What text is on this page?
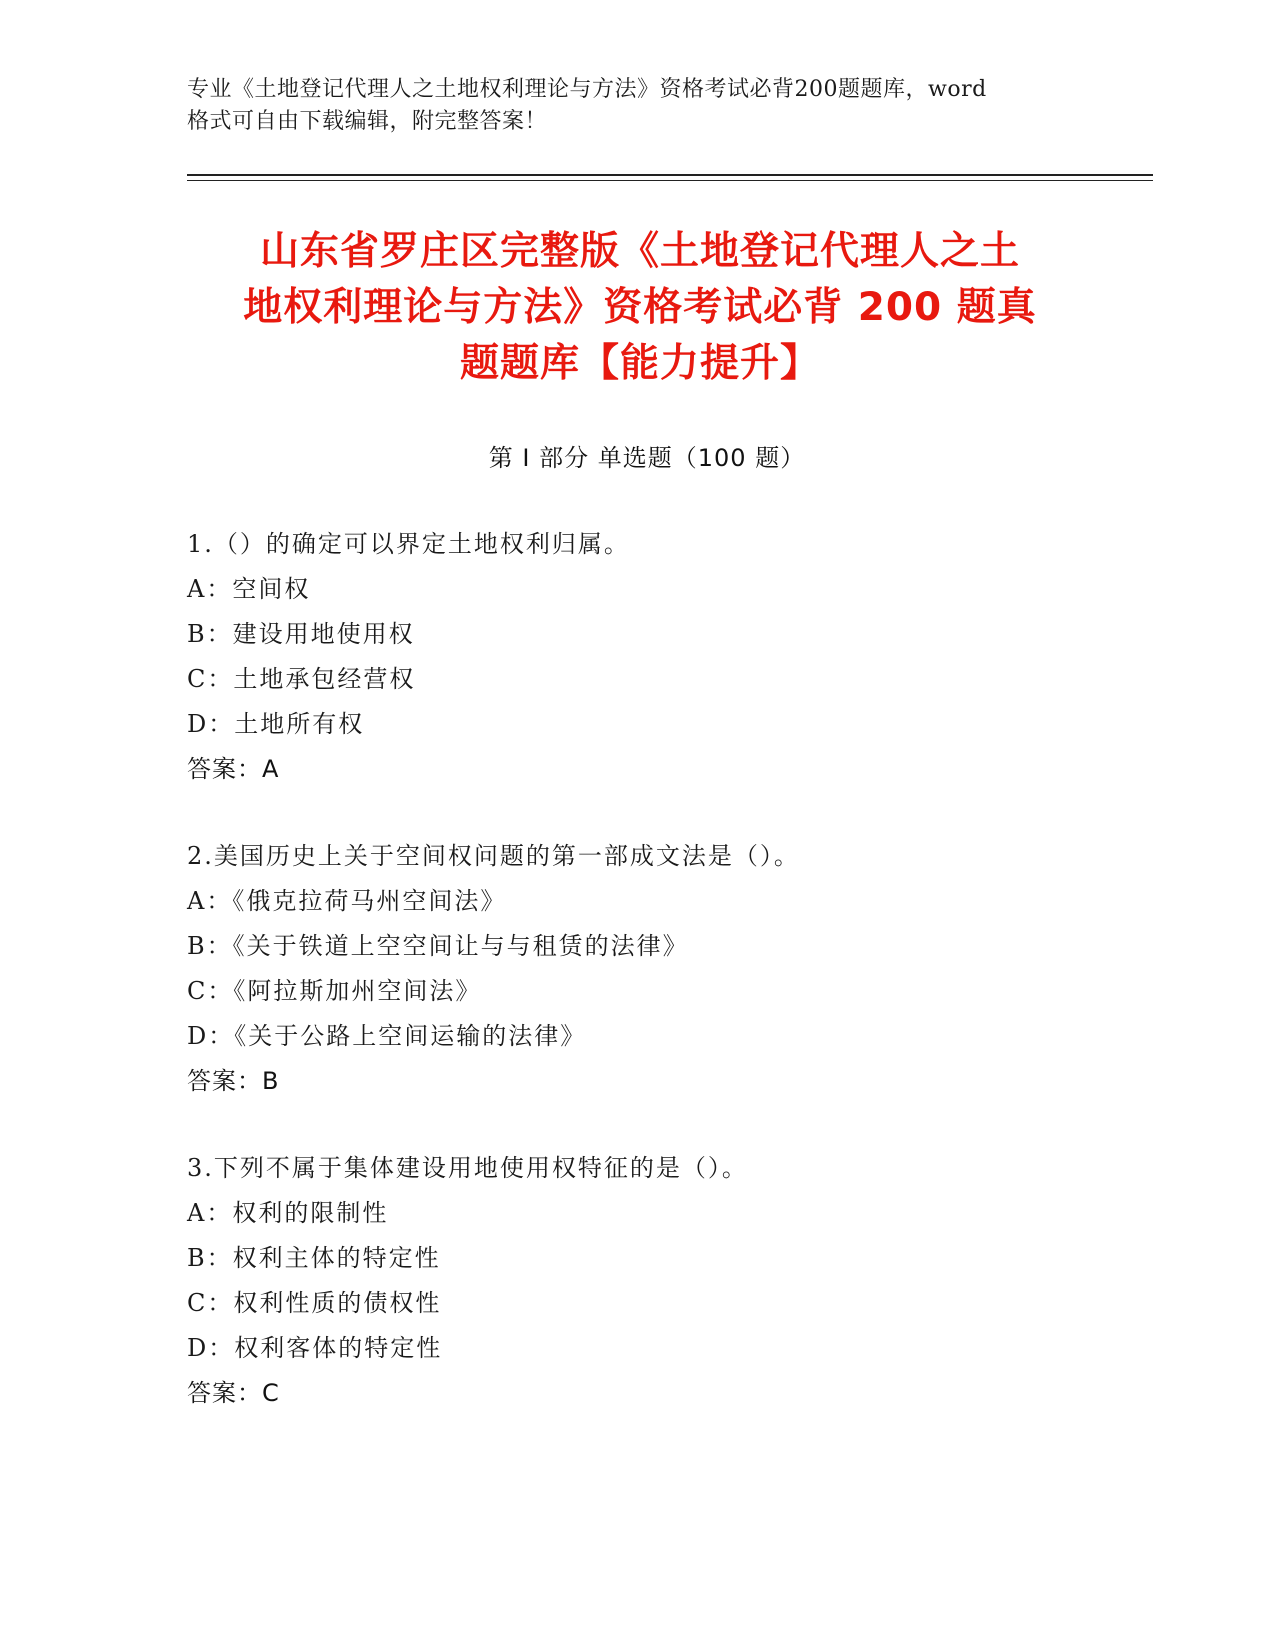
专业《土地登记代理人之土地权利理论与方法》资格考试必背200题题库，word
格式可自由下载编辑，附完整答案！
山东省罗庄区完整版《土地登记代理人之土
地权利理论与方法》资格考试必背 200 题真
题题库【能力提升】
第 I 部分 单选题（100 题）
1.（）的确定可以界定土地权利归属。
A：空间权
B：建设用地使用权
C：土地承包经营权
D：土地所有权
答案：A
2.美国历史上关于空间权问题的第一部成文法是（）。
A：《俄克拉荷马州空间法》
B：《关于铁道上空空间让与与租赁的法律》
C：《阿拉斯加州空间法》
D：《关于公路上空间运输的法律》
答案：B
3.下列不属于集体建设用地使用权特征的是（）。
A：权利的限制性
B：权利主体的特定性
C：权利性质的债权性
D：权利客体的特定性
答案：C
